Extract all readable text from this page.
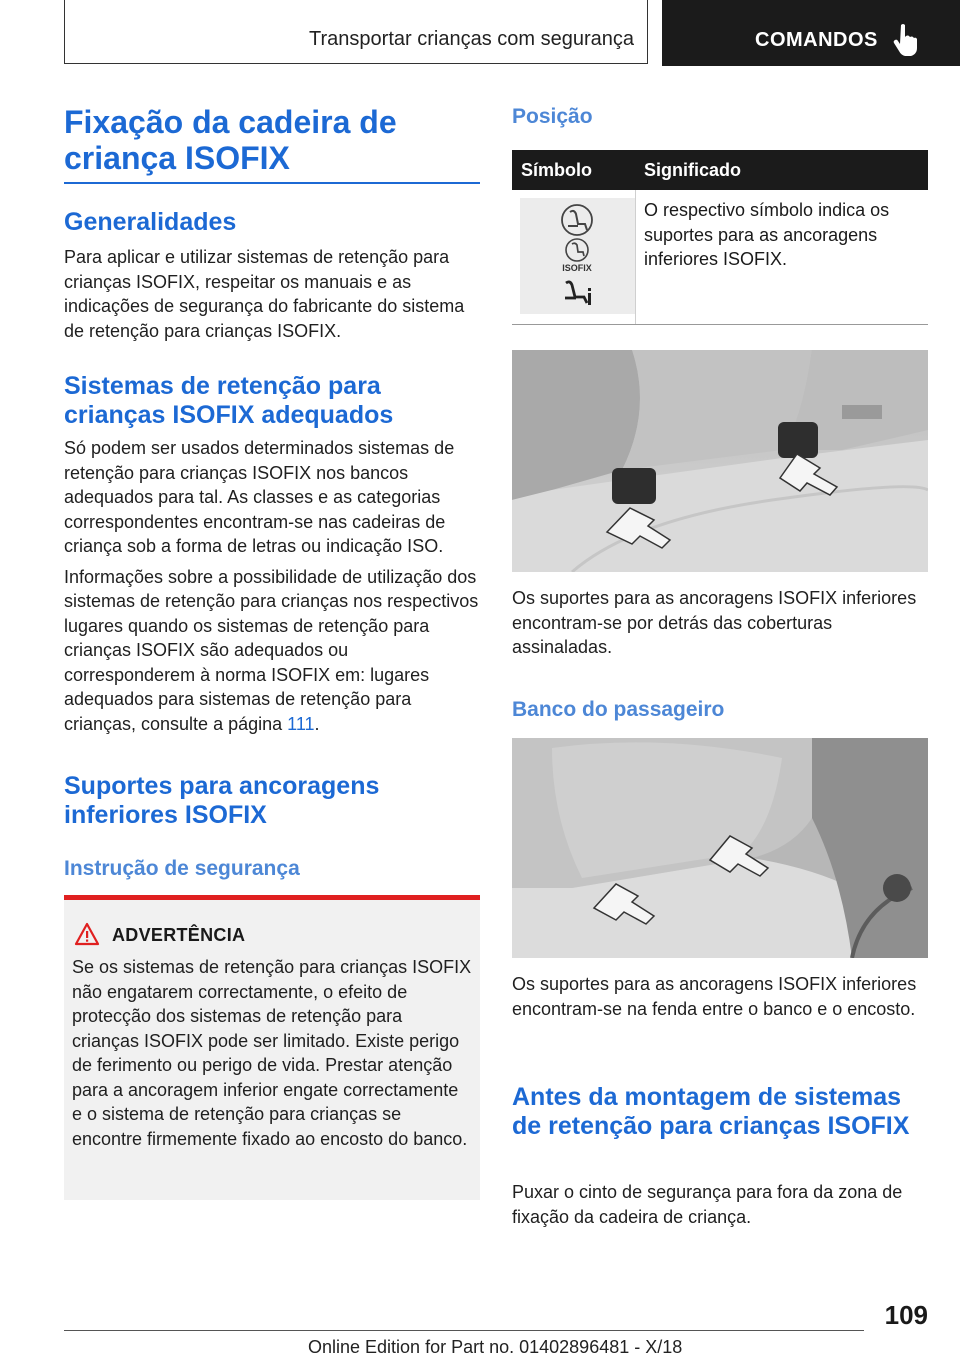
Transportar crianças com segurança	COMANDOS
Fixação da cadeira de criança ISOFIX
Generalidades

Para aplicar e utilizar sistemas de retenção para crianças ISOFIX, respeitar os manuais e as indicações de segurança do fabricante do sistema de retenção para crianças ISOFIX.

Sistemas de retenção para crianças ISOFIX adequados

Só podem ser usados determinados sistemas de retenção para crianças ISOFIX nos bancos adequados para tal. As classes e as categorias correspondentes encontram-se nas cadeiras de criança sob a forma de letras ou indicação ISO.

Informações sobre a possibilidade de utilização dos sistemas de retenção para crianças nos respectivos lugares quando os sistemas de retenção para crianças ISOFIX são adequados ou corresponderem à norma ISOFIX em: lugares adequados para sistemas de retenção para crianças, consulte a página 111.

Suportes para ancoragens inferiores ISOFIX
Instrução de segurança
ADVERTÊNCIA
Se os sistemas de retenção para crianças ISOFIX não engatarem correctamente, o efeito de protecção dos sistemas de retenção para crianças ISOFIX pode ser limitado. Existe perigo de ferimento ou perigo de vida. Prestar atenção para a ancoragem inferior engate correctamente e o sistema de retenção para crianças se encontre firmemente fixado ao encosto do banco.
Posição
Símbolo	Significado
ISOFIX
O respectivo símbolo indica os suportes para as ancoragens inferiores ISOFIX.
Os suportes para as ancoragens ISOFIX inferiores encontram-se por detrás das coberturas assinaladas.
Banco do passageiro
Os suportes para as ancoragens ISOFIX inferiores encontram-se na fenda entre o banco e o encosto.
Antes da montagem de sistemas de retenção para crianças ISOFIX
Puxar o cinto de segurança para fora da zona de fixação da cadeira de criança.
109
Online Edition for Part no. 01402896481 - X/18
